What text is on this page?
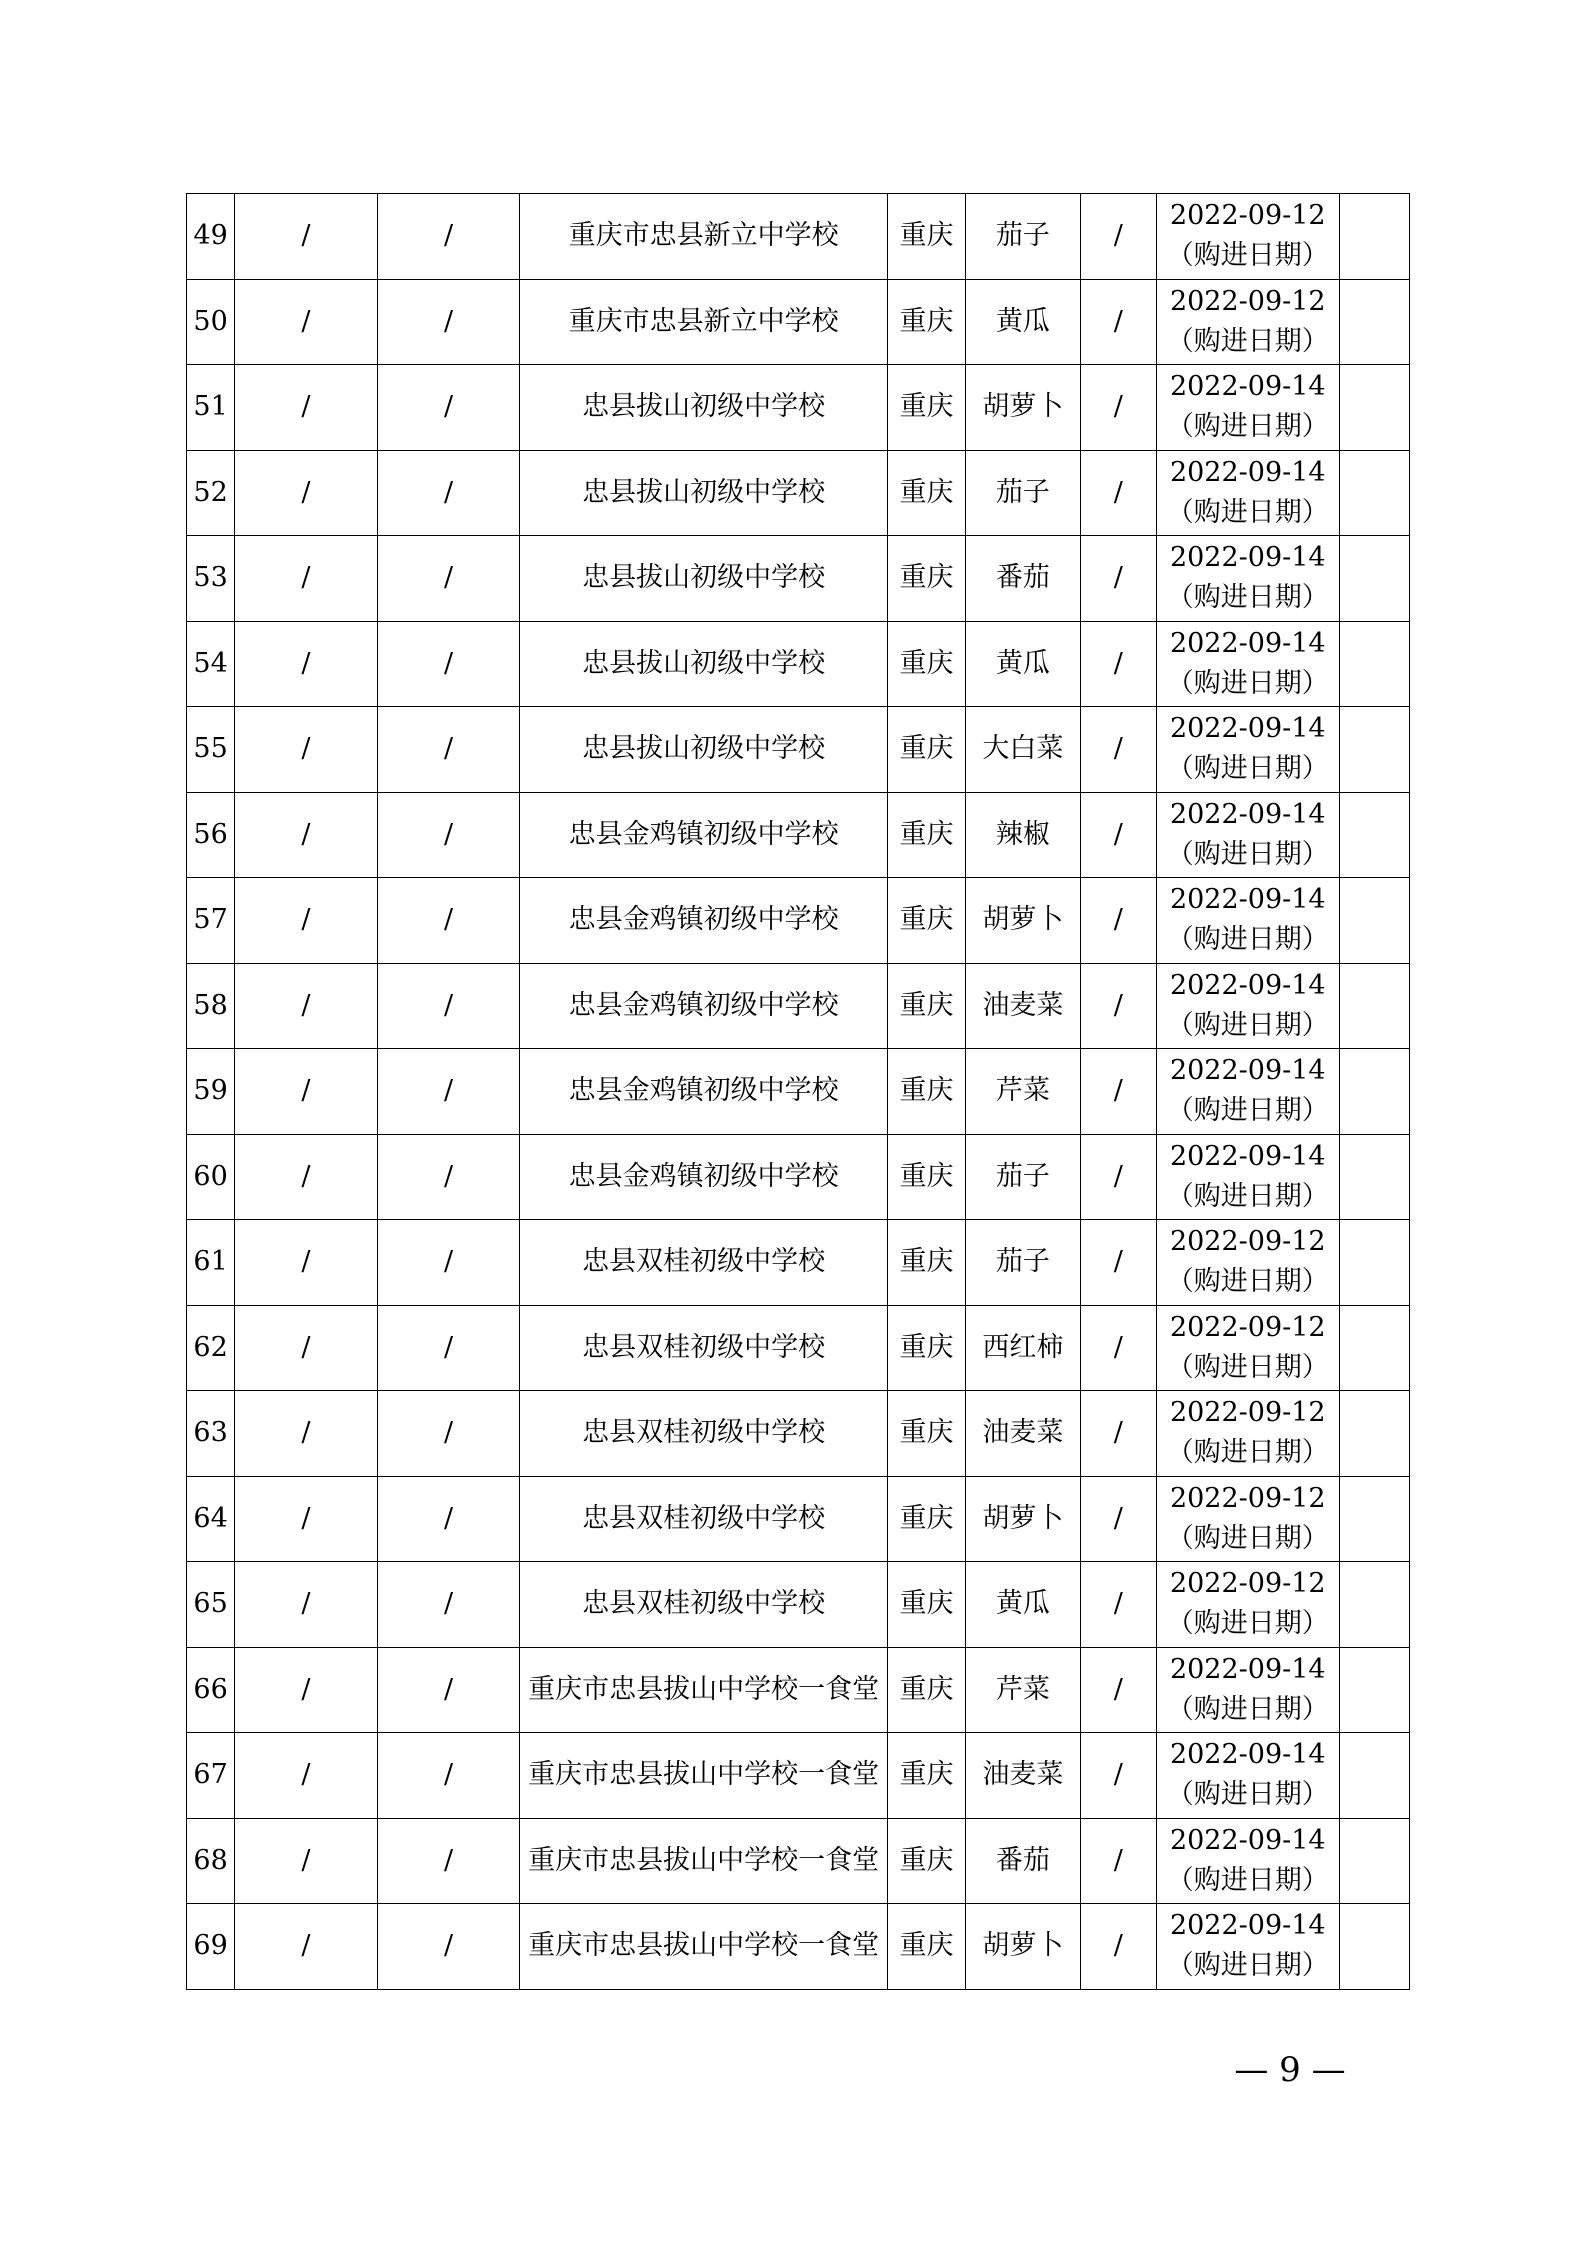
49	/	/	重庆市忠县新立中学校	重庆	茄子	/	2022-09-12
（购进日期）	

50	/	/	重庆市忠县新立中学校	重庆	黄瓜	/	2022-09-12
（购进日期）	

51	/	/	忠县拔山初级中学校	重庆	胡萝卜	/	2022-09-14
（购进日期）	

52	/	/	忠县拔山初级中学校	重庆	茄子	/	2022-09-14
（购进日期）	

53	/	/	忠县拔山初级中学校	重庆	番茄	/	2022-09-14
（购进日期）	

54	/	/	忠县拔山初级中学校	重庆	黄瓜	/	2022-09-14
（购进日期）	

55	/	/	忠县拔山初级中学校	重庆	大白菜	/	2022-09-14
（购进日期）	

56	/	/	忠县金鸡镇初级中学校	重庆	辣椒	/	2022-09-14
（购进日期）	

57	/	/	忠县金鸡镇初级中学校	重庆	胡萝卜	/	2022-09-14
（购进日期）	

58	/	/	忠县金鸡镇初级中学校	重庆	油麦菜	/	2022-09-14
（购进日期）	

59	/	/	忠县金鸡镇初级中学校	重庆	芹菜	/	2022-09-14
（购进日期）	

60	/	/	忠县金鸡镇初级中学校	重庆	茄子	/	2022-09-14
（购进日期）	

61	/	/	忠县双桂初级中学校	重庆	茄子	/	2022-09-12
（购进日期）	

62	/	/	忠县双桂初级中学校	重庆	西红柿	/	2022-09-12
（购进日期）	

63	/	/	忠县双桂初级中学校	重庆	油麦菜	/	2022-09-12
（购进日期）	

64	/	/	忠县双桂初级中学校	重庆	胡萝卜	/	2022-09-12
（购进日期）	

65	/	/	忠县双桂初级中学校	重庆	黄瓜	/	2022-09-12
（购进日期）	

66	/	/	重庆市忠县拔山中学校一食堂	重庆	芹菜	/	2022-09-14
（购进日期）	

67	/	/	重庆市忠县拔山中学校一食堂	重庆	油麦菜	/	2022-09-14
（购进日期）	

68	/	/	重庆市忠县拔山中学校一食堂	重庆	番茄	/	2022-09-14
（购进日期）	

69	/	/	重庆市忠县拔山中学校一食堂	重庆	胡萝卜	/	2022-09-14
（购进日期）	

— 9 —
